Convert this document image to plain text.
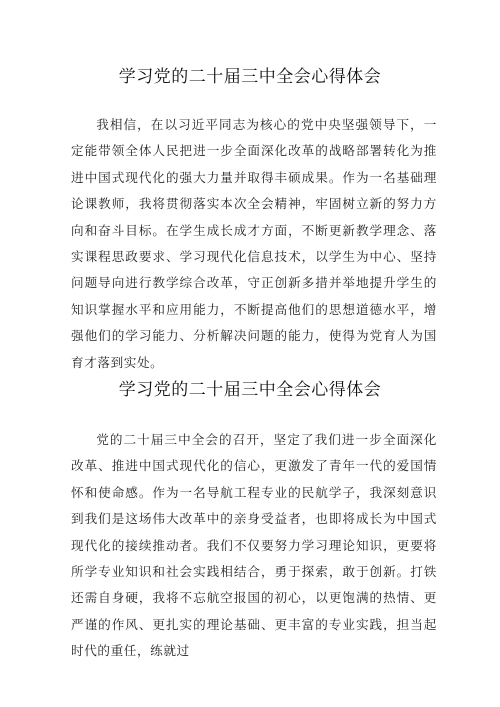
学习党的二十届三中全会心得体会

我相信，在以习近平同志为核心的党中央坚强领导下，一定能带领全体人民把进一步全面深化改革的战略部署转化为推进中国式现代化的强大力量并取得丰硕成果。作为一名基础理论课教师，我将贯彻落实本次全会精神，牢固树立新的努力方向和奋斗目标。在学生成长成才方面，不断更新教学理念、落实课程思政要求、学习现代化信息技术，以学生为中心、坚持问题导向进行教学综合改革，守正创新多措并举地提升学生的知识掌握水平和应用能力，不断提高他们的思想道德水平，增强他们的学习能力、分析解决问题的能力，使得为党育人为国育才落到实处。

学习党的二十届三中全会心得体会

党的二十届三中全会的召开，坚定了我们进一步全面深化改革、推进中国式现代化的信心，更激发了青年一代的爱国情怀和使命感。作为一名导航工程专业的民航学子，我深刻意识到我们是这场伟大改革中的亲身受益者，也即将成长为中国式现代化的接续推动者。我们不仅要努力学习理论知识，更要将所学专业知识和社会实践相结合，勇于探索，敢于创新。打铁还需自身硬，我将不忘航空报国的初心，以更饱满的热情、更严谨的作风、更扎实的理论基础、更丰富的专业实践，担当起时代的重任，练就过
